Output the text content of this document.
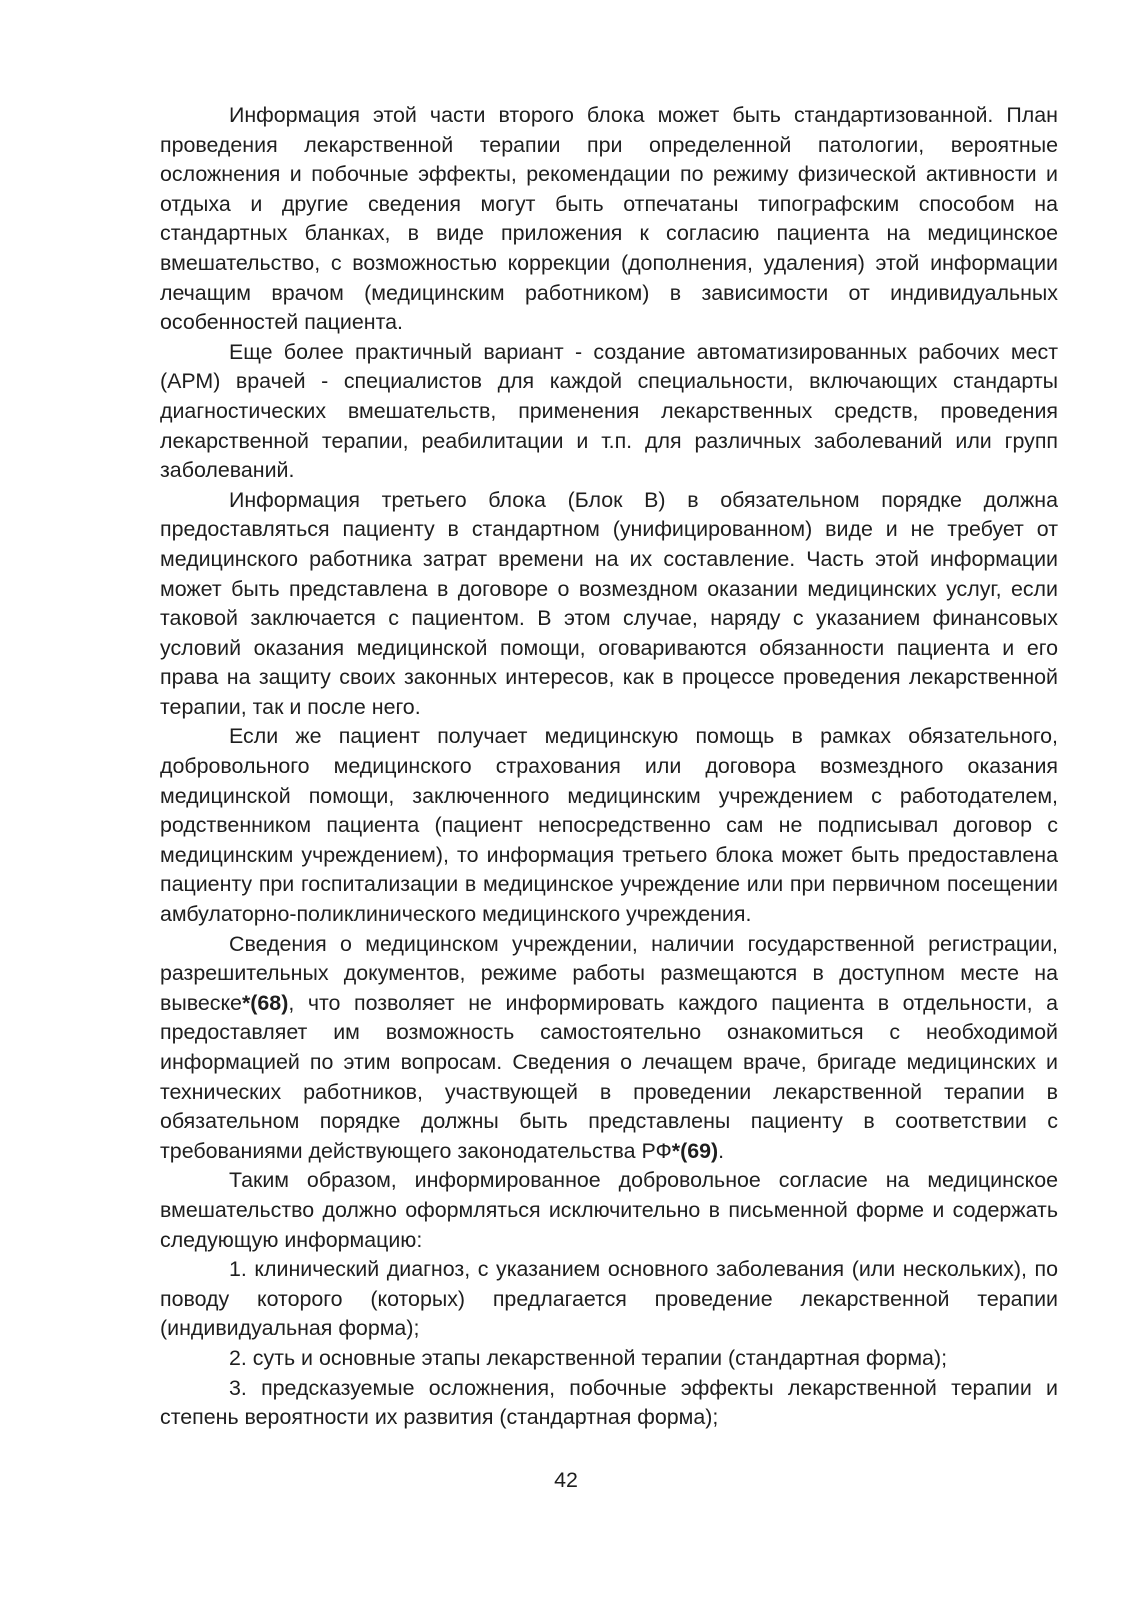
Информация этой части второго блока может быть стандартизованной. План проведения лекарственной терапии при определенной патологии, вероятные осложнения и побочные эффекты, рекомендации по режиму физической активности и отдыха и другие сведения могут быть отпечатаны типографским способом на стандартных бланках, в виде приложения к согласию пациента на медицинское вмешательство, с возможностью коррекции (дополнения, удаления) этой информации лечащим врачом (медицинским работником) в зависимости от индивидуальных особенностей пациента.

Еще более практичный вариант - создание автоматизированных рабочих мест (АРМ) врачей - специалистов для каждой специальности, включающих стандарты диагностических вмешательств, применения лекарственных средств, проведения лекарственной терапии, реабилитации и т.п. для различных заболеваний или групп заболеваний.

Информация третьего блока (Блок В) в обязательном порядке должна предоставляться пациенту в стандартном (унифицированном) виде и не требует от медицинского работника затрат времени на их составление. Часть этой информации может быть представлена в договоре о возмездном оказании медицинских услуг, если таковой заключается с пациентом. В этом случае, наряду с указанием финансовых условий оказания медицинской помощи, оговариваются обязанности пациента и его права на защиту своих законных интересов, как в процессе проведения лекарственной терапии, так и после него.

Если же пациент получает медицинскую помощь в рамках обязательного, добровольного медицинского страхования или договора возмездного оказания медицинской помощи, заключенного медицинским учреждением с работодателем, родственником пациента (пациент непосредственно сам не подписывал договор с медицинским учреждением), то информация третьего блока может быть предоставлена пациенту при госпитализации в медицинское учреждение или при первичном посещении амбулаторно-поликлинического медицинского учреждения.

Сведения о медицинском учреждении, наличии государственной регистрации, разрешительных документов, режиме работы размещаются в доступном месте на вывеске*(68), что позволяет не информировать каждого пациента в отдельности, а предоставляет им возможность самостоятельно ознакомиться с необходимой информацией по этим вопросам. Сведения о лечащем враче, бригаде медицинских и технических работников, участвующей в проведении лекарственной терапии в обязательном порядке должны быть представлены пациенту в соответствии с требованиями действующего законодательства РФ*(69).

Таким образом, информированное добровольное согласие на медицинское вмешательство должно оформляться исключительно в письменной форме и содержать следующую информацию:

1. клинический диагноз, с указанием основного заболевания (или нескольких), по поводу которого (которых) предлагается проведение лекарственной терапии (индивидуальная форма);

2. суть и основные этапы лекарственной терапии (стандартная форма);

3. предсказуемые осложнения, побочные эффекты лекарственной терапии и степень вероятности их развития (стандартная форма);

42
